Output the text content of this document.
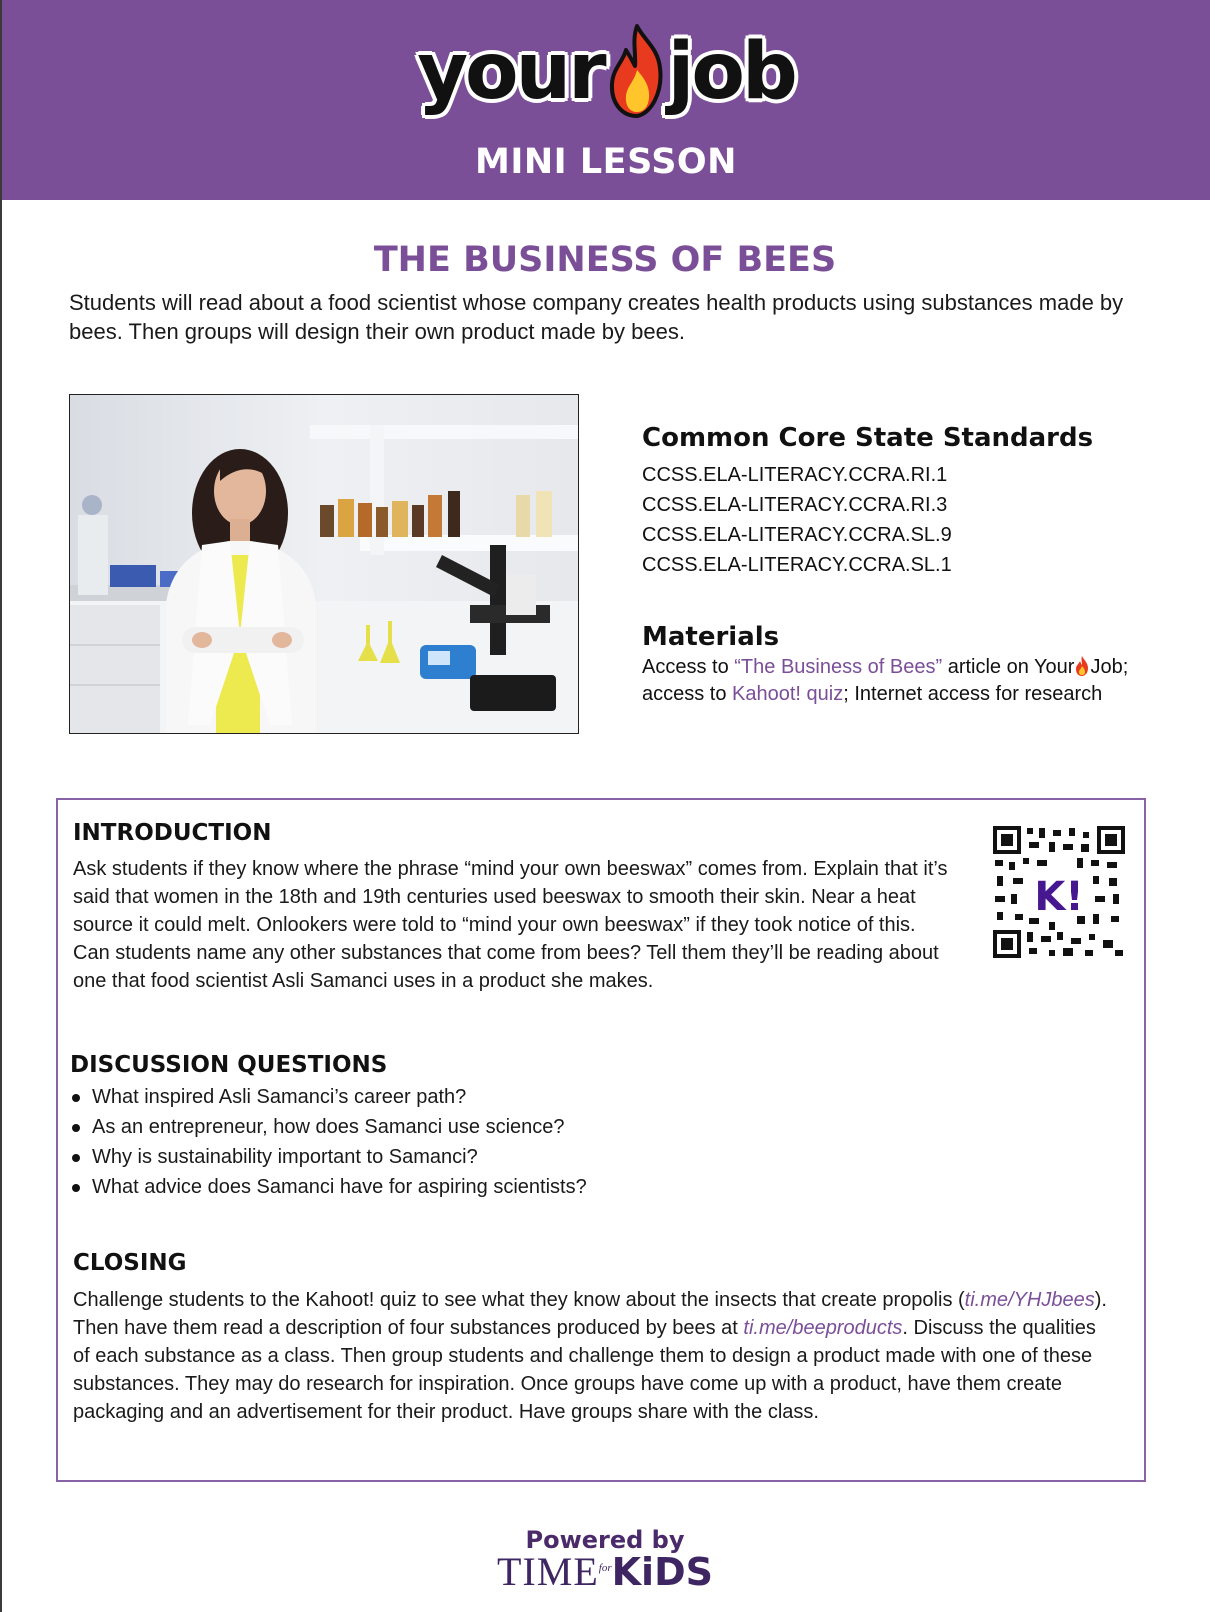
your job
MINI LESSON
THE BUSINESS OF BEES
Students will read about a food scientist whose company creates health products using substances made by bees. Then groups will design their own product made by bees.
Common Core State Standards
CCSS.ELA-LITERACY.CCRA.RI.1
CCSS.ELA-LITERACY.CCRA.RI.3
CCSS.ELA-LITERACY.CCRA.SL.9
CCSS.ELA-LITERACY.CCRA.SL.1
Materials
Access to “The Business of Bees” article on Your Job;
access to Kahoot! quiz; Internet access for research
INTRODUCTION
Ask students if they know where the phrase “mind your own beeswax” comes from. Explain that it’s
said that women in the 18th and 19th centuries used beeswax to smooth their skin. Near a heat
source it could melt. Onlookers were told to “mind your own beeswax” if they took notice of this.
Can students name any other substances that come from bees? Tell them they’ll be reading about
one that food scientist Asli Samanci uses in a product she makes.
K!
DISCUSSION QUESTIONS
What inspired Asli Samanci’s career path?
As an entrepreneur, how does Samanci use science?
Why is sustainability important to Samanci?
What advice does Samanci have for aspiring scientists?
CLOSING
Challenge students to the Kahoot! quiz to see what they know about the insects that create propolis (ti.me/YHJbees).
Then have them read a description of four substances produced by bees at ti.me/beeproducts. Discuss the qualities
of each substance as a class. Then group students and challenge them to design a product made with one of these
substances. They may do research for inspiration. Once groups have come up with a product, have them create
packaging and an advertisement for their product. Have groups share with the class.
Powered by
$TIME^{for}KiDS$
